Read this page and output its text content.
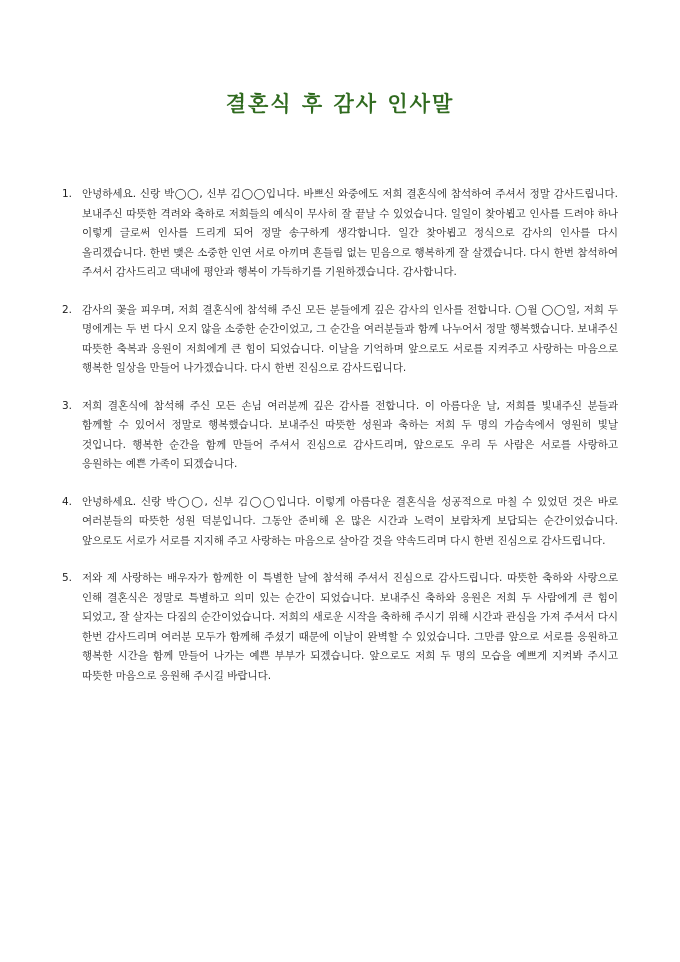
결혼식 후 감사 인사말
1. 안녕하세요. 신랑 박◯◯, 신부 김◯◯입니다. 바쁘신 와중에도 저희 결혼식에 참석하여 주셔서 정말 감사드립니다. 보내주신 따뜻한 격려와 축하로 저희들의 예식이 무사히 잘 끝날 수 있었습니다. 일일이 찾아뵙고 인사를 드려야 하나 이렇게 글로써 인사를 드리게 되어 정말 송구하게 생각합니다. 일간 찾아뵙고 정식으로 감사의 인사를 다시 올리겠습니다. 한번 맺은 소중한 인연 서로 아끼며 흔들림 없는 믿음으로 행복하게 잘 살겠습니다. 다시 한번 참석하여 주셔서 감사드리고 댁내에 평안과 행복이 가득하기를 기원하겠습니다. 감사합니다.
2. 감사의 꽃을 피우며, 저희 결혼식에 참석해 주신 모든 분들에게 깊은 감사의 인사를 전합니다. ◯월 ◯◯일, 저희 두 명에게는 두 번 다시 오지 않을 소중한 순간이었고, 그 순간을 여러분들과 함께 나누어서 정말 행복했습니다. 보내주신 따뜻한 축복과 응원이 저희에게 큰 힘이 되었습니다. 이날을 기억하며 앞으로도 서로를 지켜주고 사랑하는 마음으로 행복한 일상을 만들어 나가겠습니다. 다시 한번 진심으로 감사드립니다.
3. 저희 결혼식에 참석해 주신 모든 손님 여러분께 깊은 감사를 전합니다. 이 아름다운 날, 저희를 빛내주신 분들과 함께할 수 있어서 정말로 행복했습니다. 보내주신 따뜻한 성원과 축하는 저희 두 명의 가슴속에서 영원히 빛날 것입니다. 행복한 순간을 함께 만들어 주셔서 진심으로 감사드리며, 앞으로도 우리 두 사람은 서로를 사랑하고 응원하는 예쁜 가족이 되겠습니다.
4. 안녕하세요. 신랑 박◯◯, 신부 김◯◯입니다. 이렇게 아름다운 결혼식을 성공적으로 마칠 수 있었던 것은 바로 여러분들의 따뜻한 성원 덕분입니다. 그동안 준비해 온 많은 시간과 노력이 보람차게 보답되는 순간이었습니다. 앞으로도 서로가 서로를 지지해 주고 사랑하는 마음으로 살아갈 것을 약속드리며 다시 한번 진심으로 감사드립니다.
5. 저와 제 사랑하는 배우자가 함께한 이 특별한 날에 참석해 주셔서 진심으로 감사드립니다. 따뜻한 축하와 사랑으로 인해 결혼식은 정말로 특별하고 의미 있는 순간이 되었습니다. 보내주신 축하와 응원은 저희 두 사람에게 큰 힘이 되었고, 잘 살자는 다짐의 순간이었습니다. 저희의 새로운 시작을 축하해 주시기 위해 시간과 관심을 가져 주셔서 다시 한번 감사드리며 여러분 모두가 함께해 주셨기 때문에 이날이 완벽할 수 있었습니다. 그만큼 앞으로 서로를 응원하고 행복한 시간을 함께 만들어 나가는 예쁜 부부가 되겠습니다. 앞으로도 저희 두 명의 모습을 예쁘게 지켜봐 주시고 따뜻한 마음으로 응원해 주시길 바랍니다.
